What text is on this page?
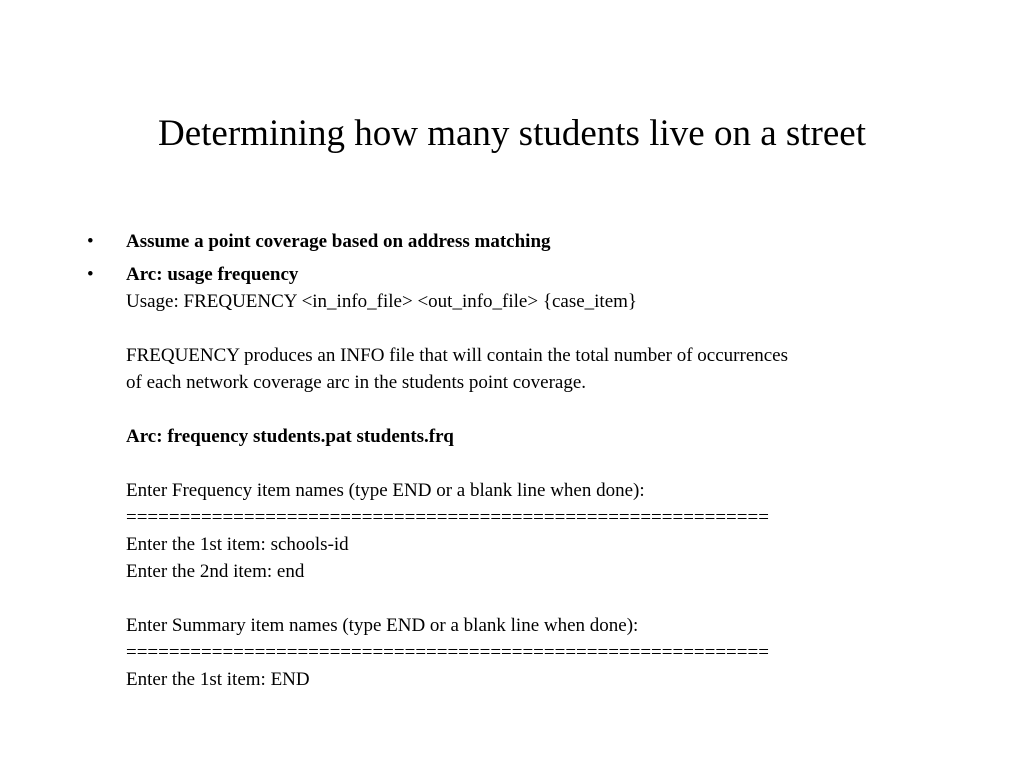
Determining how many students live on a street
• Assume a point coverage based on address matching
• Arc: usage frequency
Usage: FREQUENCY <in_info_file> <out_info_file> {case_item}
FREQUENCY produces an INFO file that will contain the total number of occurrences
of each network coverage arc in the students point coverage.
Arc: frequency students.pat students.frq
Enter Frequency item names (type END or a blank line when done):
============================================================
Enter the 1st item: schools-id
Enter the 2nd item: end
Enter Summary item names (type END or a blank line when done):
============================================================
Enter the 1st item: END
